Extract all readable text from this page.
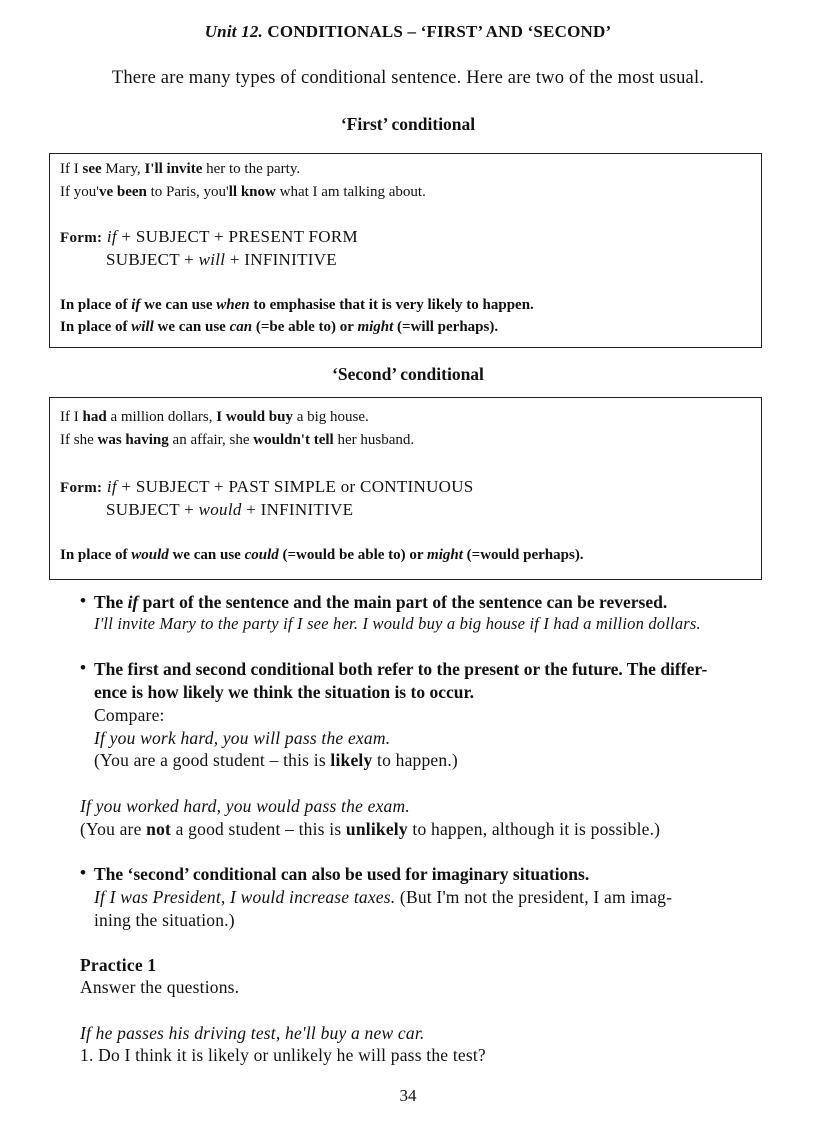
Unit 12. CONDITIONALS – ‘FIRST’ AND ‘SECOND’
There are many types of conditional sentence. Here are two of the most usual.
‘First’ conditional
If I see Mary, I'll invite her to the party.
If you've been to Paris, you'll know what I am talking about.
Form: if + SUBJECT + PRESENT FORM
SUBJECT + will + INFINITIVE
In place of if we can use when to emphasise that it is very likely to happen.
In place of will we can use can (=be able to) or might (=will perhaps).
‘Second’ conditional
If I had a million dollars, I would buy a big house.
If she was having an affair, she wouldn't tell her husband.
Form: if + SUBJECT + PAST SIMPLE or CONTINUOUS
SUBJECT + would + INFINITIVE
In place of would we can use could (=would be able to) or might (=would perhaps).
• The if part of the sentence and the main part of the sentence can be reversed.
I'll invite Mary to the party if I see her. I would buy a big house if I had a million dollars.
• The first and second conditional both refer to the present or the future. The differ-
ence is how likely we think the situation is to occur.
Compare:
If you work hard, you will pass the exam.
(You are a good student – this is likely to happen.)
If you worked hard, you would pass the exam.
(You are not a good student – this is unlikely to happen, although it is possible.)
• The ‘second’ conditional can also be used for imaginary situations.
If I was President, I would increase taxes. (But I'm not the president, I am imag-
ining the situation.)
Practice 1
Answer the questions.
If he passes his driving test, he'll buy a new car.
1. Do I think it is likely or unlikely he will pass the test?
34
